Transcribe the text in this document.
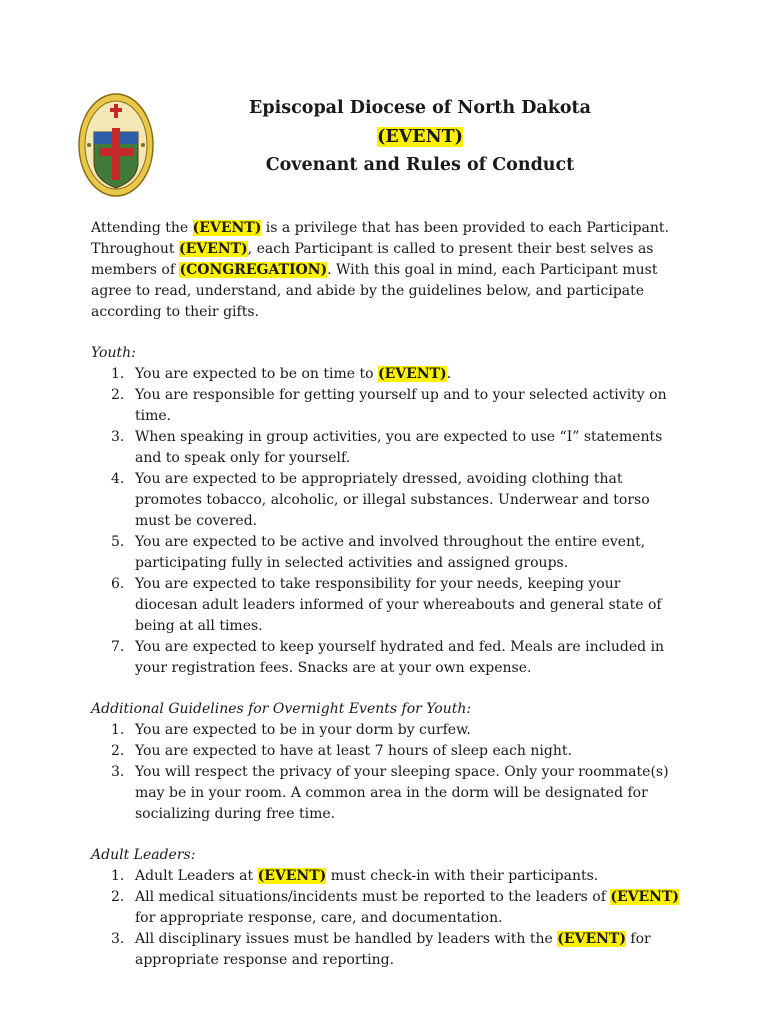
Episcopal Diocese of North Dakota
(EVENT)
Covenant and Rules of Conduct

Attending the (EVENT) is a privilege that has been provided to each Participant. Throughout (EVENT), each Participant is called to present their best selves as members of (CONGREGATION). With this goal in mind, each Participant must agree to read, understand, and abide by the guidelines below, and participate according to their gifts.

Youth:

1. You are expected to be on time to (EVENT).
2. You are responsible for getting yourself up and to your selected activity on time.
3. When speaking in group activities, you are expected to use “I” statements and to speak only for yourself.
4. You are expected to be appropriately dressed, avoiding clothing that promotes tobacco, alcoholic, or illegal substances. Underwear and torso must be covered.
5. You are expected to be active and involved throughout the entire event, participating fully in selected activities and assigned groups.
6. You are expected to take responsibility for your needs, keeping your diocesan adult leaders informed of your whereabouts and general state of being at all times.
7. You are expected to keep yourself hydrated and fed. Meals are included in your registration fees. Snacks are at your own expense.

Additional Guidelines for Overnight Events for Youth:

1. You are expected to be in your dorm by curfew.
2. You are expected to have at least 7 hours of sleep each night.
3. You will respect the privacy of your sleeping space. Only your roommate(s) may be in your room. A common area in the dorm will be designated for socializing during free time.

Adult Leaders:

1. Adult Leaders at (EVENT) must check-in with their participants.
2. All medical situations/incidents must be reported to the leaders of (EVENT) for appropriate response, care, and documentation.
3. All disciplinary issues must be handled by leaders with the (EVENT) for appropriate response and reporting.
